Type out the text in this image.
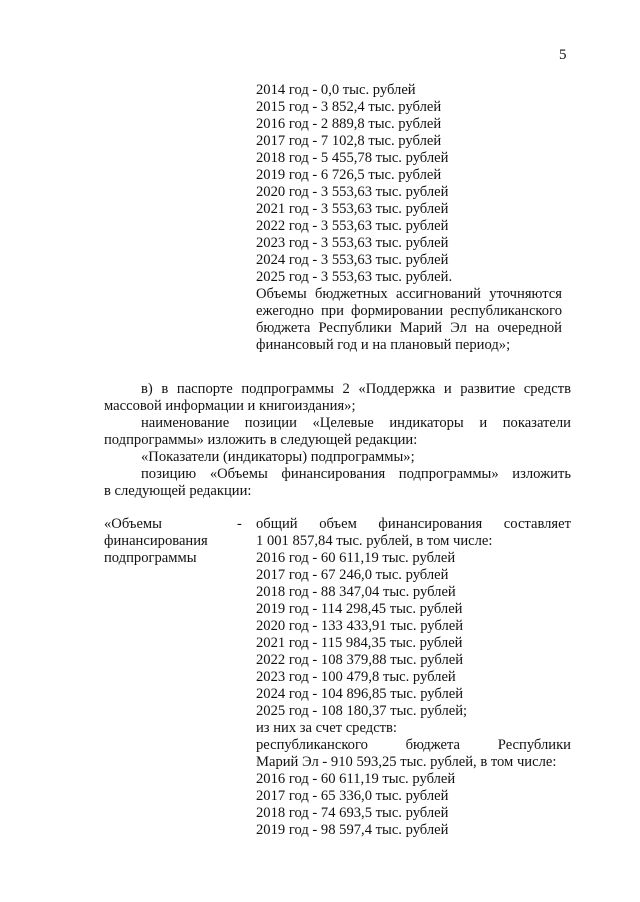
5
2014 год - 0,0 тыс. рублей
2015 год - 3 852,4 тыс. рублей
2016 год - 2 889,8 тыс. рублей
2017 год - 7 102,8 тыс. рублей
2018 год - 5 455,78 тыс. рублей
2019 год - 6 726,5 тыс. рублей
2020 год - 3 553,63 тыс. рублей
2021 год - 3 553,63 тыс. рублей
2022 год - 3 553,63 тыс. рублей
2023 год - 3 553,63 тыс. рублей
2024 год - 3 553,63 тыс. рублей
2025 год - 3 553,63 тыс. рублей.
Объемы бюджетных ассигнований уточняются
ежегодно при формировании республиканского
бюджета Республики Марий Эл на очередной
финансовый год и на плановый период»;
в) в паспорте подпрограммы 2 «Поддержка и развитие средств
массовой информации и книгоиздания»;
наименование позиции «Целевые индикаторы и показатели
подпрограммы» изложить в следующей редакции:
«Показатели (индикаторы) подпрограммы»;
позицию «Объемы финансирования подпрограммы» изложить
в следующей редакции:
«Объемы
финансирования
подпрограммы
- общий объем финансирования составляет
1 001 857,84 тыс. рублей, в том числе:
2016 год - 60 611,19 тыс. рублей
2017 год - 67 246,0 тыс. рублей
2018 год - 88 347,04 тыс. рублей
2019 год - 114 298,45 тыс. рублей
2020 год - 133 433,91 тыс. рублей
2021 год - 115 984,35 тыс. рублей
2022 год - 108 379,88 тыс. рублей
2023 год - 100 479,8 тыс. рублей
2024 год - 104 896,85 тыс. рублей
2025 год - 108 180,37 тыс. рублей;
из них за счет средств:
республиканского бюджета Республики
Марий Эл - 910 593,25 тыс. рублей, в том числе:
2016 год - 60 611,19 тыс. рублей
2017 год - 65 336,0 тыс. рублей
2018 год - 74 693,5 тыс. рублей
2019 год - 98 597,4 тыс. рублей
